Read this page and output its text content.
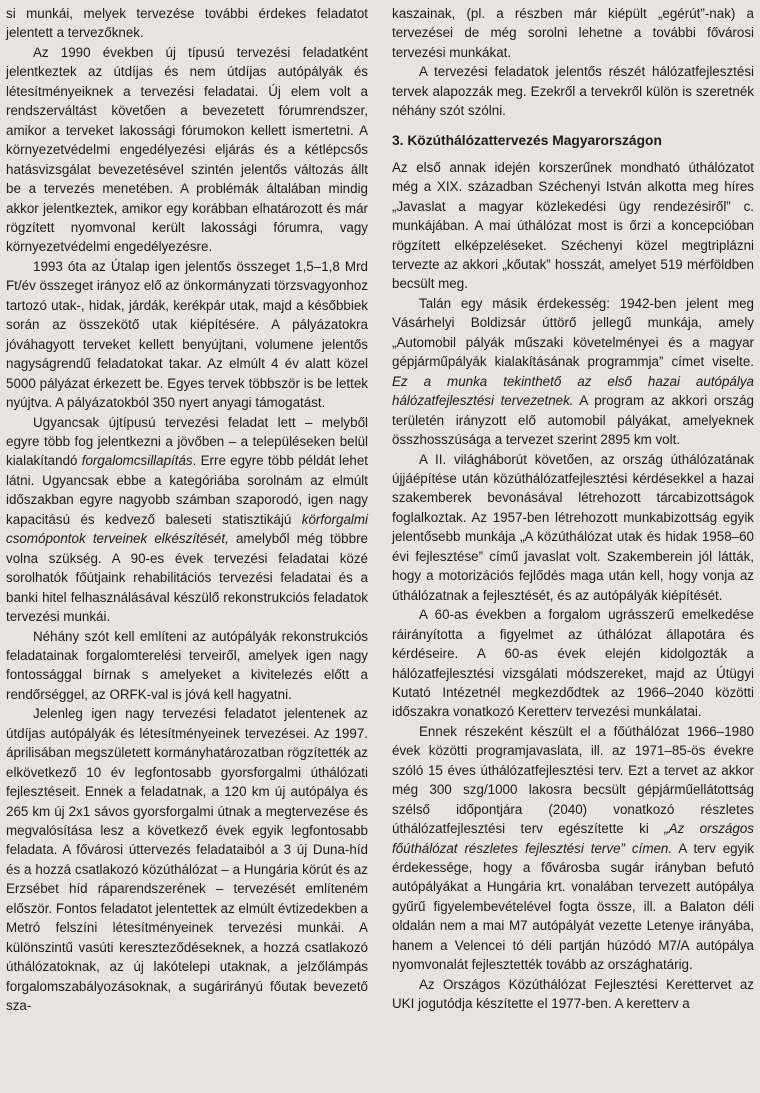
si munkái, melyek tervezése további érdekes feladatot jelentett a tervezőknek.

Az 1990 években új típusú tervezési feladatként jelentkeztek az útdíjas és nem útdíjas autópályák és létesítményeiknek a tervezési feladatai. Új elem volt a rendszerváltást követően a bevezetett fórumrendszer, amikor a terveket lakossági fórumokon kellett ismertetni. A környezetvédelmi engedélyezési eljárás és a kétlépcsős hatásvizsgálat bevezetésével szintén jelentős változás állt be a tervezés menetében. A problémák általában mindig akkor jelentkeztek, amikor egy korábban elhatározott és már rögzített nyomvonal került lakossági fórumra, vagy környezetvédelmi engedélyezésre.

1993 óta az Útalap igen jelentős összeget 1,5–1,8 Mrd Ft/év összeget irányoz elő az önkormányzati törzsvagyonhoz tartozó utak-, hidak, járdák, kerékpár utak, majd a későbbiek során az összekötő utak kiépítésére. A pályázatokra jóváhagyott terveket kellett benyújtani, volumene jelentős nagyságrendű feladatokat takar. Az elmúlt 4 év alatt közel 5000 pályázat érkezett be. Egyes tervek többször is be lettek nyújtva. A pályázatokból 350 nyert anyagi támogatást.

Ugyancsak újtípusú tervezési feladat lett – melyből egyre több fog jelentkezni a jövőben – a településeken belül kialakítandó forgalomcsillapítás. Erre egyre több példát lehet látni. Ugyancsak ebbe a kategóriába sorolnám az elmúlt időszakban egyre nagyobb számban szaporodó, igen nagy kapacitású és kedvező baleseti statisztikájú körforgalmi csomópontok terveinek elkészítését, amelyből még többre volna szükség. A 90-es évek tervezési feladatai közé sorolhatók főútjaink rehabilitációs tervezési feladatai és a banki hitel felhasználásával készülő rekonstrukciós feladatok tervezési munkái.

Néhány szót kell említeni az autópályák rekonstrukciós feladatainak forgalomterelési terveiről, amelyek igen nagy fontossággal bírnak s amelyeket a kivitelezés előtt a rendőrséggel, az ORFK-val is jóvá kell hagyatni.

Jelenleg igen nagy tervezési feladatot jelentenek az útdíjas autópályák és létesítményeinek tervezései. Az 1997. áprilisában megszületett kormányhatározatban rögzítették az elkövetkező 10 év legfontosabb gyorsforgalmi úthálózati fejlesztéseit. Ennek a feladatnak, a 120 km új autópálya és 265 km új 2x1 sávos gyorsforgalmi útnak a megtervezése és megvalósítása lesz a következő évek egyik legfontosabb feladata. A fővárosi úttervezés feladataiból a 3 új Duna-híd és a hozzá csatlakozó közúthálózat – a Hungária körút és az Erzsébet híd ráparendszerének – tervezését említeném először. Fontos feladatot jelentettek az elmúlt évtizedekben a Metró felszíni létesítményeinek tervezési munkái. A különszintű vasúti kereszteződéseknek, a hozzá csatlakozó úthálózatoknak, az új lakótelepi utaknak, a jelzőlámpás forgalomszabályozásoknak, a sugárirányú főutak bevezető sza-

kaszainak, (pl. a részben már kiépült „egérút”-nak) a tervezései de még sorolni lehetne a további fővárosi tervezési munkákat.

A tervezési feladatok jelentős részét hálózatfejlesztési tervek alapozzák meg. Ezekről a tervekről külön is szeretnék néhány szót szólni.

3. Közúthálózattervezés Magyarországon

Az első annak idején korszerűnek mondható úthálózatot még a XIX. században Széchenyi István alkotta meg híres „Javaslat a magyar közlekedési ügy rendezésiről” c. munkájában. A mai úthálózat most is őrzi a koncepcióban rögzített elképzeléseket. Széchenyi közel megtriplázni tervezte az akkori „kőutak” hosszát, amelyet 519 mérföldben becsült meg.

Talán egy másik érdekesség: 1942-ben jelent meg Vásárhelyi Boldizsár úttörő jellegű munkája, amely „Automobil pályák műszaki követelményei és a magyar gépjárműpályák kialakításának programmja” címet viselte. Ez a munka tekinthető az első hazai autópálya hálózatfejlesztési tervezetnek. A program az akkori ország területén irányzott elő automobil pályákat, amelyeknek összhosszúsága a tervezet szerint 2895 km volt.

A II. világháborút követően, az ország úthálózatának újjáépítése után közúthálózatfejlesztési kérdésekkel a hazai szakemberek bevonásával létrehozott tárcabizottságok foglalkoztak. Az 1957-ben létrehozott munkabizottság egyik jelentősebb munkája „A közúthálózat utak és hidak 1958–60 évi fejlesztése” című javaslat volt. Szakemberein jól látták, hogy a motorizációs fejlődés maga után kell, hogy vonja az úthálózatnak a fejlesztését, és az autópályák kiépítését.

A 60-as években a forgalom ugrásszerű emelkedése ráirányította a figyelmet az úthálózat állapotára és kérdéseire. A 60-as évek elején kidolgozták a hálózatfejlesztési vizsgálati módszereket, majd az Útügyi Kutató Intézetnél megkezdődtek az 1966–2040 közötti időszakra vonatkozó Keretterv tervezési munkálatai.

Ennek részeként készült el a főúthálózat 1966–1980 évek közötti programjavaslata, ill. az 1971–85-ös évekre szóló 15 éves úthálózatfejlesztési terv. Ezt a tervet az akkor még 300 szg/1000 lakosra becsült gépjárműellátottság szélső időpontjára (2040) vonatkozó részletes úthálózatfejlesztési terv egészítette ki „Az országos főúthálózat részletes fejlesztési terve” címen. A terv egyik érdekessége, hogy a fővárosba sugár irányban befutó autópályákat a Hungária krt. vonalában tervezett autópálya gyűrű figyelembevételével fogta össze, ill. a Balaton déli oldalán nem a mai M7 autópályát vezette Letenye irányába, hanem a Velencei tó déli partján húzódó M7/A autópálya nyomvonalát fejlesztették tovább az országhatárig.

Az Országos Közúthálózat Fejlesztési Kerettervet az UKI jogutódja készítette el 1977-ben. A keretterv a
